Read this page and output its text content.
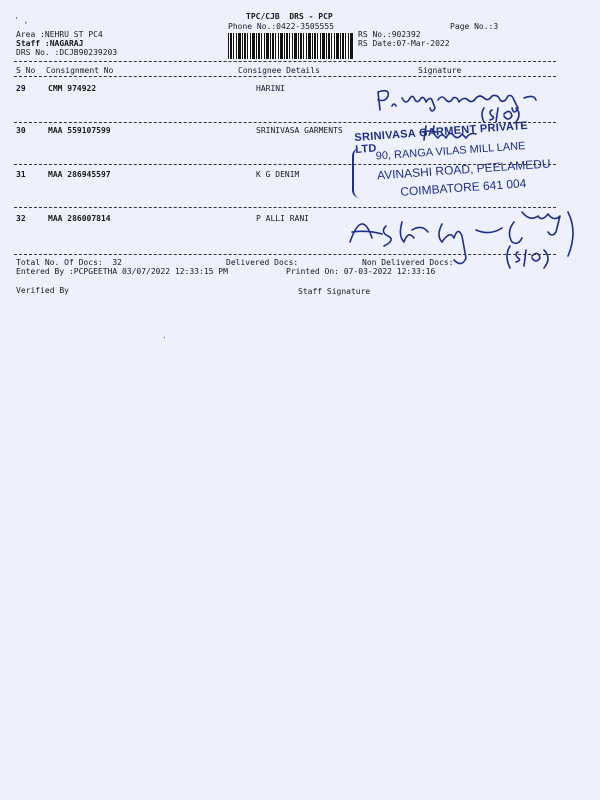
' ,	TPC/CJB  DRS - PCP
Phone No.:0422-3505555	Page No.:3
Area :NEHRU ST PC4
Staff :NAGARAJ
DRS No. :DCJB90239203
RS No.:902392
RS Date:07-Mar-2022
S No Consignment No	Consignee Details	Signature
29	CMM 974922	HARINI
30	MAA 559107599	SRINIVASA GARMENTS SRINIVASA GARMENT PRIVATE LTD
90, RANGA VILAS MILL LANE
AVINASHI ROAD, PEELAMEDU
COIMBATORE 641 004
31	MAA 286945597	K G DENIM
32	MAA 286007814	P ALLI RANI
Total No. Of Docs:  32	Delivered Docs:	Non Delivered Docs:
Entered By :PCPGEETHA 03/07/2022 12:33:15 PM	Printed On: 07-03-2022 12:33:16
Verified By	Staff Signature
.
